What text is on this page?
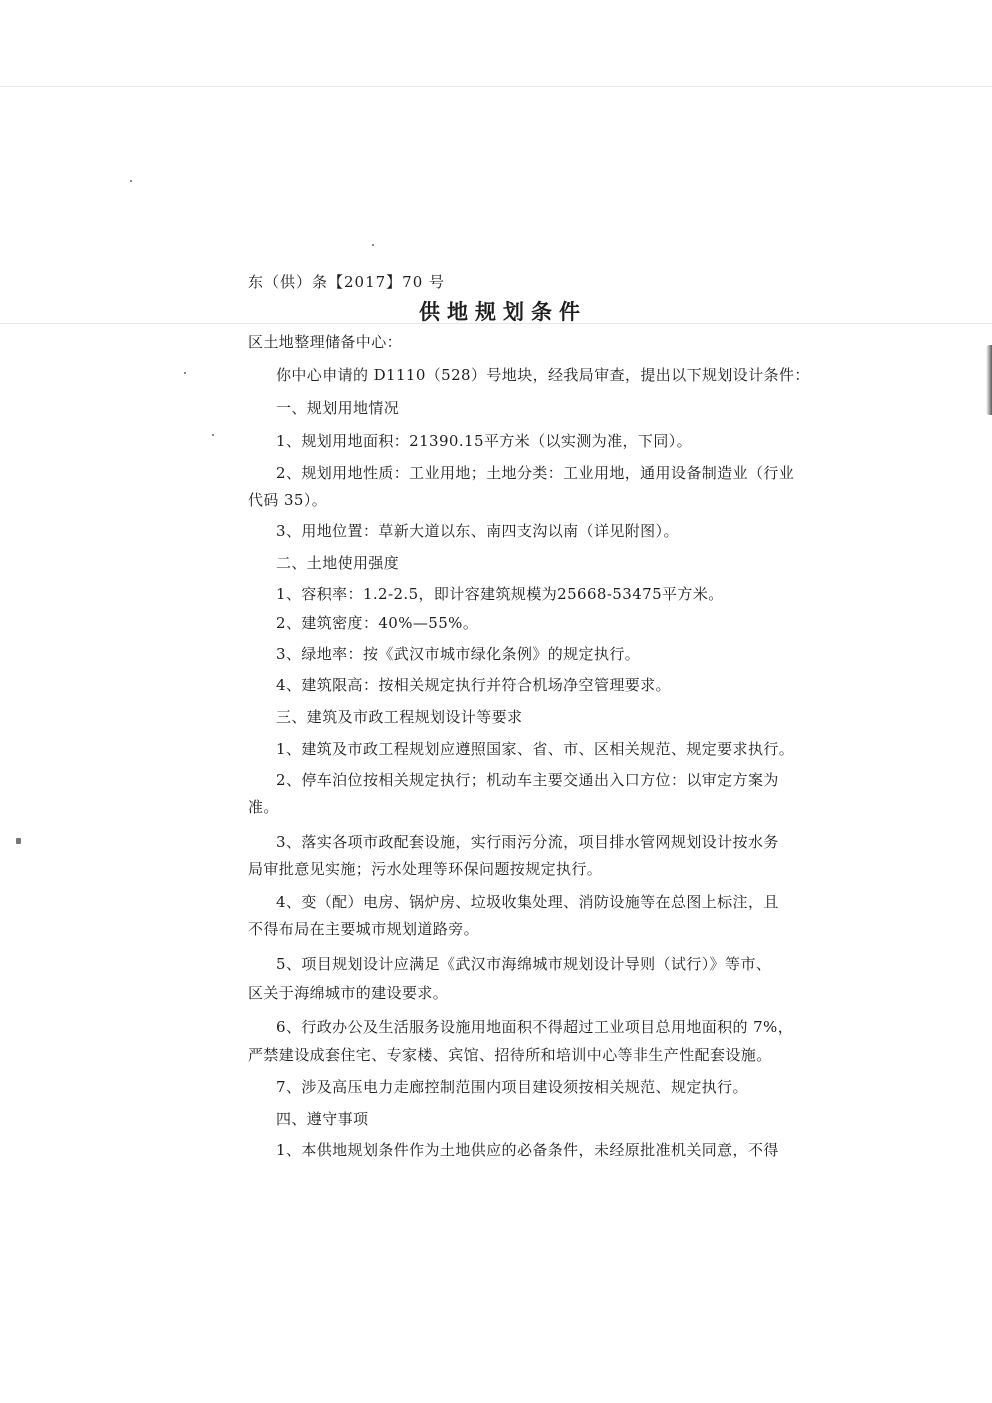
东（供）条【2017】70 号
供地规划条件
区土地整理储备中心：
你中心申请的 D1110（528）号地块，经我局审查，提出以下规划设计条件：
一、规划用地情况
1、规划用地面积：21390.15平方米（以实测为准，下同）。
2、规划用地性质：工业用地；土地分类：工业用地，通用设备制造业（行业
代码 35）。
3、用地位置：草新大道以东、南四支沟以南（详见附图）。
二、土地使用强度
1、容积率：1.2-2.5，即计容建筑规模为25668-53475平方米。
2、建筑密度：40%—55%。
3、绿地率：按《武汉市城市绿化条例》的规定执行。
4、建筑限高：按相关规定执行并符合机场净空管理要求。
三、建筑及市政工程规划设计等要求
1、建筑及市政工程规划应遵照国家、省、市、区相关规范、规定要求执行。
2、停车泊位按相关规定执行；机动车主要交通出入口方位：以审定方案为
准。
3、落实各项市政配套设施，实行雨污分流，项目排水管网规划设计按水务
局审批意见实施；污水处理等环保问题按规定执行。
4、变（配）电房、锅炉房、垃圾收集处理、消防设施等在总图上标注，且
不得布局在主要城市规划道路旁。
5、项目规划设计应满足《武汉市海绵城市规划设计导则（试行）》等市、
区关于海绵城市的建设要求。
6、行政办公及生活服务设施用地面积不得超过工业项目总用地面积的 7%，
严禁建设成套住宅、专家楼、宾馆、招待所和培训中心等非生产性配套设施。
7、涉及高压电力走廊控制范围内项目建设须按相关规范、规定执行。
四、遵守事项
1、本供地规划条件作为土地供应的必备条件，未经原批准机关同意，不得
